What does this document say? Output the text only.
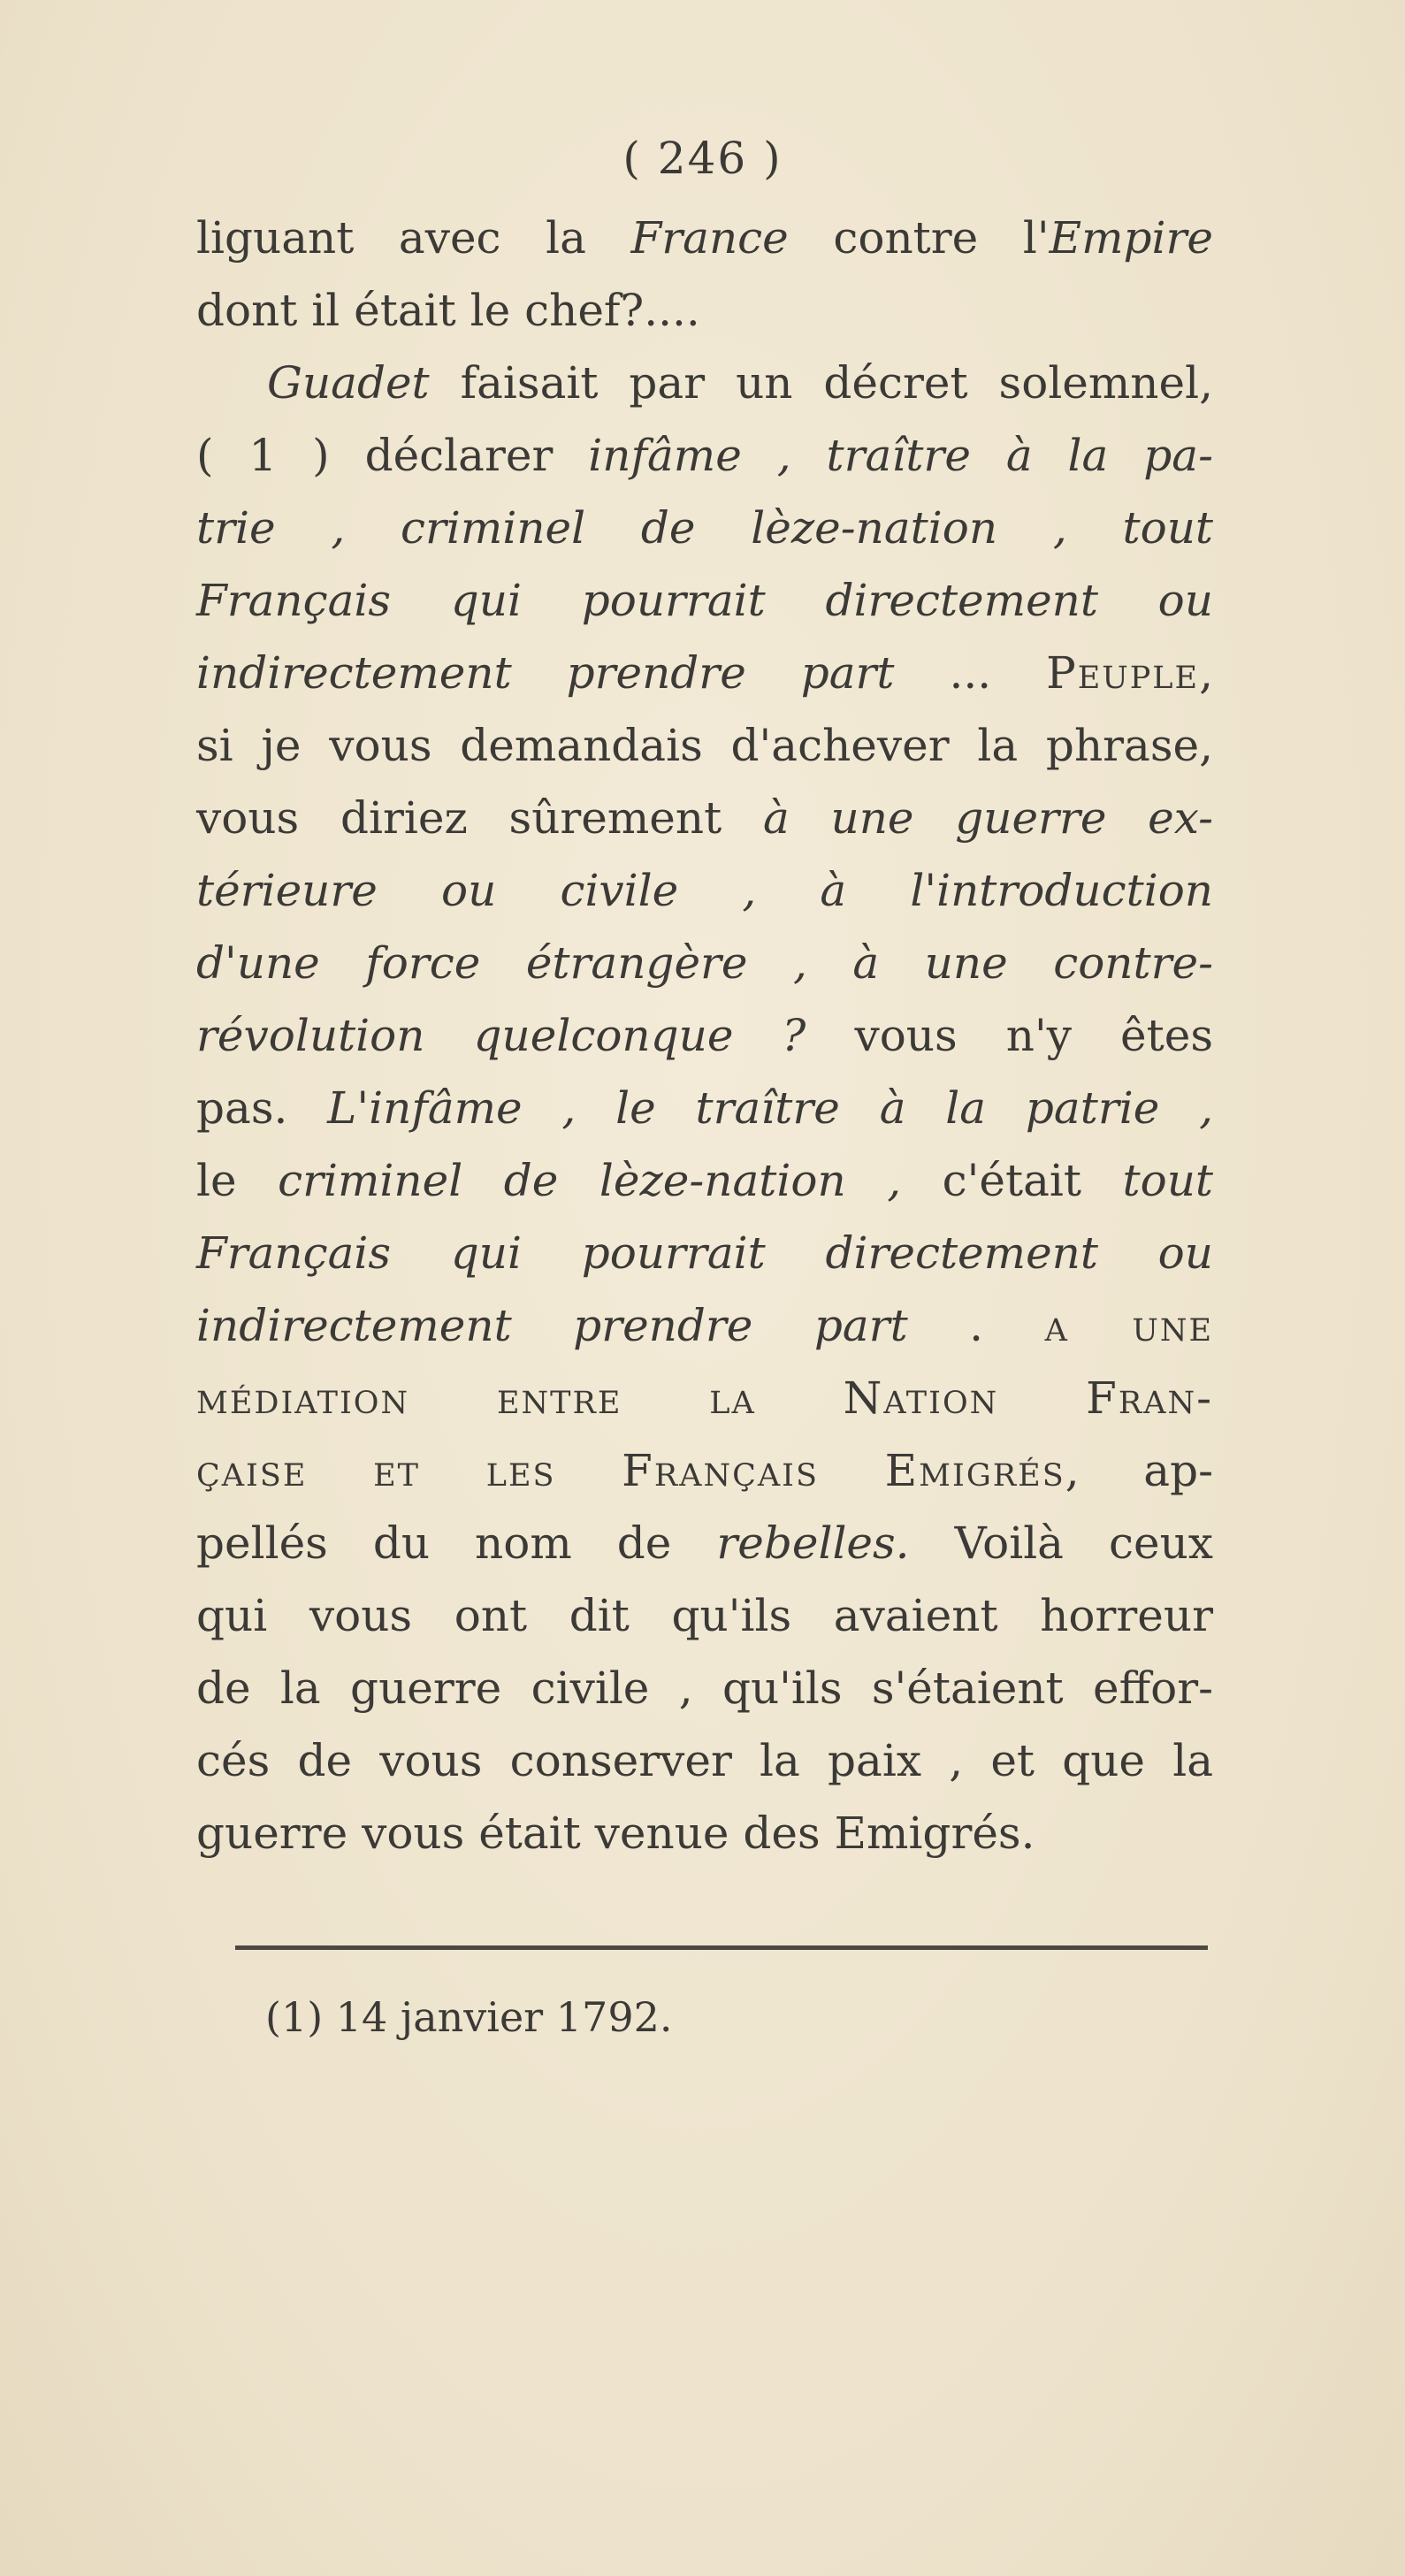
( 246 )
liguant avec la France contre l'Empire
dont il était le chef?....
Guadet faisait par un décret solemnel,
( 1 ) déclarer infâme , traître à la pa-
trie , criminel de lèze-nation , tout
Français qui pourrait directement ou
indirectement prendre part ... Peuple,
si je vous demandais d'achever la phrase,
vous diriez sûrement à une guerre ex-
térieure ou civile , à l'introduction
d'une force étrangère , à une contre-
révolution quelconque ? vous n'y êtes
pas. L'infâme , le traître à la patrie ,
le criminel de lèze-nation , c'était tout
Français qui pourrait directement ou
indirectement prendre part . a une
médiation entre la Nation Fran-
çaise et les Français Emigrés, ap-
pellés du nom de rebelles. Voilà ceux
qui vous ont dit qu'ils avaient horreur
de la guerre civile , qu'ils s'étaient effor-
cés de vous conserver la paix , et que la
guerre vous était venue des Emigrés.
(1) 14 janvier 1792.
